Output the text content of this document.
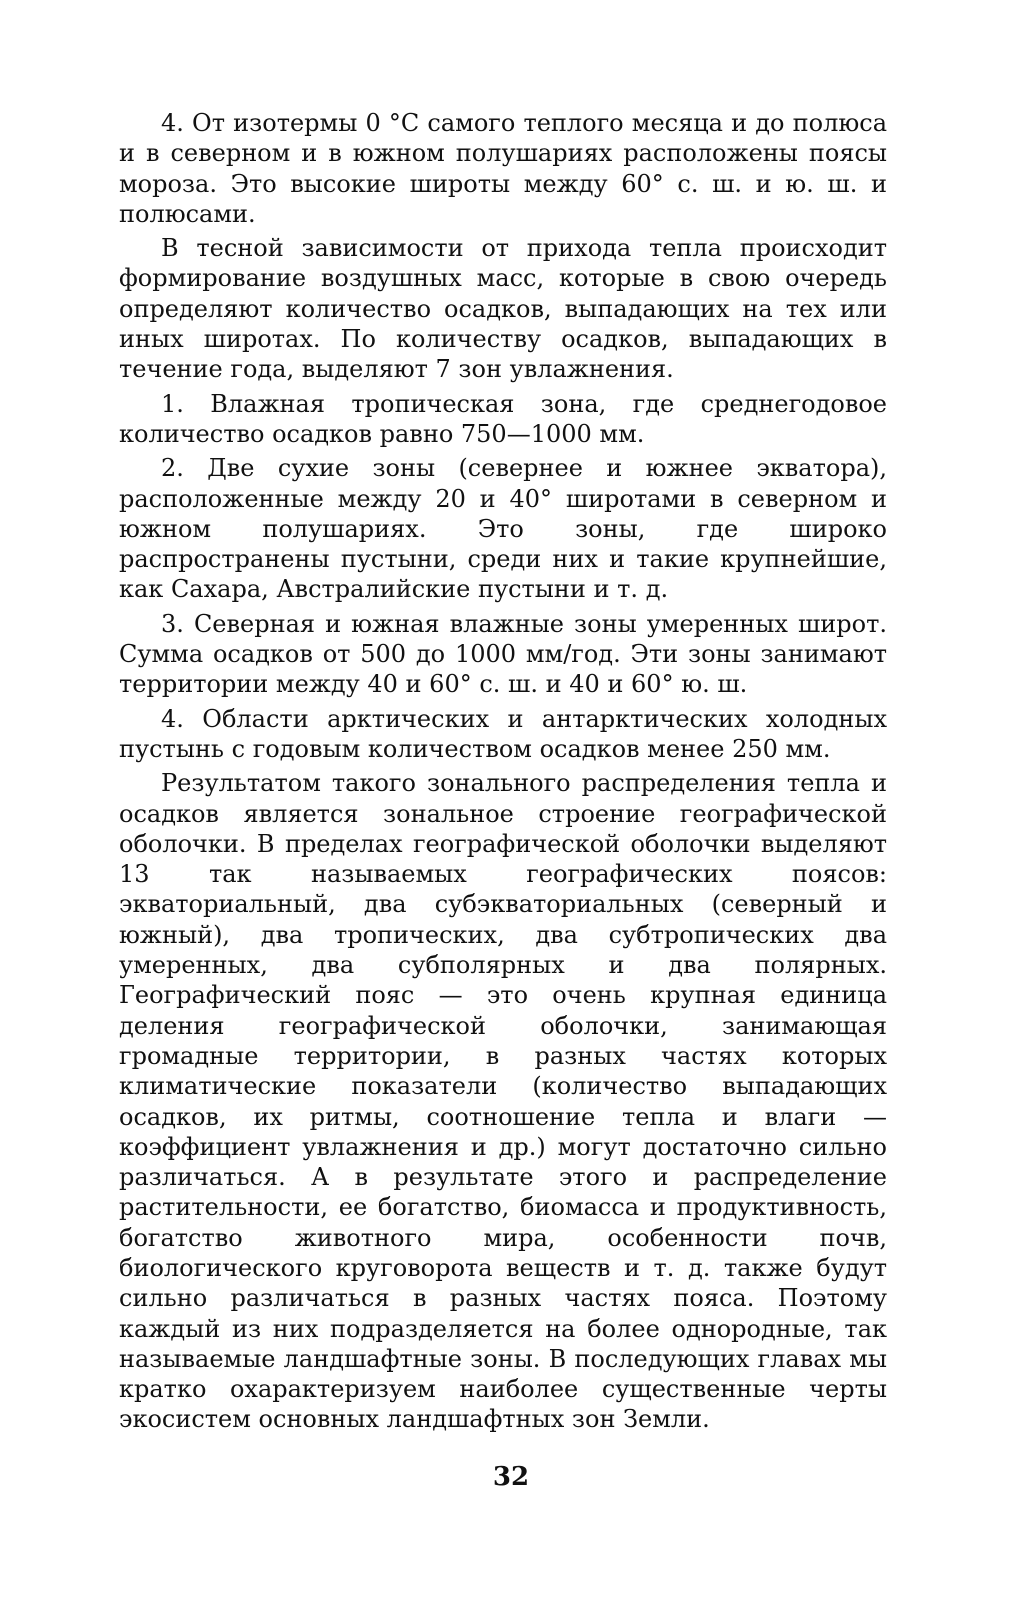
4. От изотермы 0 °С самого теплого месяца и до полюса и в северном и в южном полушариях расположены поясы мороза. Это высокие широты между 60° с. ш. и ю. ш. и полюсами.

В тесной зависимости от прихода тепла происходит формирование воздушных масс, которые в свою очередь определяют количество осадков, выпадающих на тех или иных широтах. По количеству осадков, выпадающих в течение года, выделяют 7 зон увлажнения.

1. Влажная тропическая зона, где среднегодовое количество осадков равно 750—1000 мм.

2. Две сухие зоны (севернее и южнее экватора), расположенные между 20 и 40° широтами в северном и южном полушариях. Это зоны, где широко распространены пустыни, среди них и такие крупнейшие, как Сахара, Австралийские пустыни и т. д.

3. Северная и южная влажные зоны умеренных широт. Сумма осадков от 500 до 1000 мм/год. Эти зоны занимают территории между 40 и 60° с. ш. и 40 и 60° ю. ш.

4. Области арктических и антарктических холодных пустынь с годовым количеством осадков менее 250 мм.

Результатом такого зонального распределения тепла и осадков является зональное строение географической оболочки. В пределах географической оболочки выделяют 13 так называемых географических поясов: экваториальный, два субэкваториальных (северный и южный), два тропических, два субтропических два умеренных, два субполярных и два полярных. Географический пояс — это очень крупная единица деления географической оболочки, занимающая громадные территории, в разных частях которых климатические показатели (количество выпадающих осадков, их ритмы, соотношение тепла и влаги — коэффициент увлажнения и др.) могут достаточно сильно различаться. А в результате этого и распределение растительности, ее богатство, биомасса и продуктивность, богатство животного мира, особенности почв, биологического круговорота веществ и т. д. также будут сильно различаться в разных частях пояса. Поэтому каждый из них подразделяется на более однородные, так называемые ландшафтные зоны. В последующих главах мы кратко охарактеризуем наиболее существенные черты экосистем основных ландшафтных зон Земли.

32
